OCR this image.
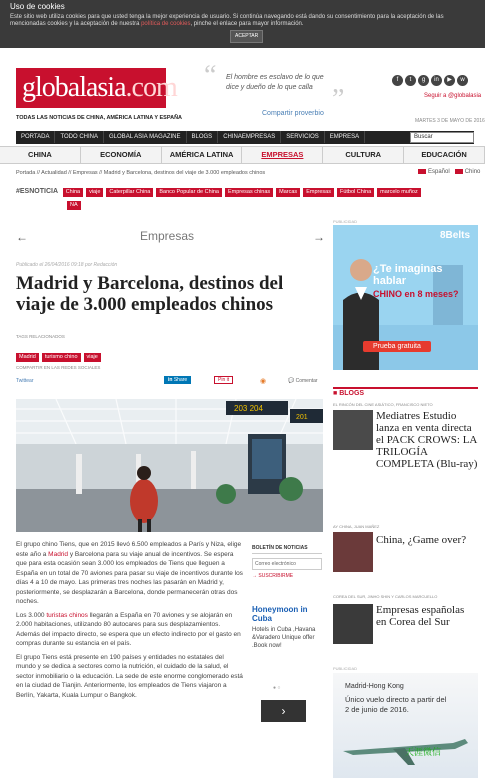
Uso de cookies
Este sitio web utiliza cookies para que usted tenga la mejor experiencia de usuario. Si continúa navegando está dando su consentimiento para la aceptación de las
mencionadas cookies y la aceptación de nuestra política de cookies, pinche el enlace para mayor información.
ACEPTAR
globalasia.com
TODAS LAS NOTICIAS DE CHINA, AMÉRICA LATINA Y ESPAÑA
“ El hombre es esclavo de lo que dice y dueño de lo que calla ”
Compartir proverbio
f t g in ▶ w
Seguir a @globalasia
MARTES 3 DE MAYO DE 2016
PORTADA TODO CHINA GLOBAL ASIA MAGAZINE BLOGS CHINAEMPRESAS SERVICIOS EMPRESA	Buscar
CHINA	ECONOMÍA	AMÉRICA LATINA	EMPRESAS	CULTURA	EDUCACIÓN
Portada // Actualidad // Empresas // Madrid y Barcelona, destinos del viaje de 3.000 empleados chinos	Español	Chino
#ESNOTICIA China viaje Caterpillar China Banco Popular de China Empresas chinas Marcas Empresas Fútbol China marcelo muñoz
NA
←	Empresas	→
Publicado el 26/04/2016 09:18 por Redacción
Madrid y Barcelona, destinos del viaje de 3.000 empleados chinos
TAGS RELACIONADOS
Madrid turismo chino viaje
COMPARTIR EN LAS REDES SOCIALES
Twittear	in Share	Pin it	◉	💬 Comentar
203 204
201

El grupo chino Tiens, que en 2015 llevó 6.500 empleados a París y Niza, elige este año a Madrid y Barcelona para su viaje anual de incentivos. Se espera que para esta ocasión sean 3.000 los empleados de Tiens que lleguen a España en un total de 70 aviones para pasar su viaje de incentivos durante los días 4 a 10 de mayo. Las primeras tres noches las pasarán en Madrid y, posteriormente, se desplazarán a Barcelona, donde permanecerán otras dos noches.

Los 3.000 turistas chinos llegarán a España en 70 aviones y se alojarán en 2.000 habitaciones, utilizando 80 autocares para sus desplazamientos. Además del impacto directo, se espera que un efecto indirecto por el gasto en compras durante su estancia en el país.

El grupo Tiens está presente en 190 países y entidades no estatales del mundo y se dedica a sectores como la nutrición, el cuidado de la salud, el sector inmobiliario o la educación. La sede de este enorme conglomerado está en la ciudad de Tianjin. Anteriormente, los empleados de Tiens viajaron a Berlín, Yakarta, Kuala Lumpur o Bangkok.

BOLETÍN DE NOTICIAS
Correo electrónico
→ SUSCRIBIRME
Honeymoon in Cuba
Hotels in Cuba ,Havana &Varadero Unique offer .Book now!
● ○
›
PUBLICIDAD
8Belts
¿Te imaginas hablar
CHINO en 8 meses?
Prueba gratuita
■ BLOGS
EL RINCÓN DEL CINE ASIÁTICO, FRANCISCO NIETO
Mediatres Estudio lanza en venta directa el PACK CROWS: LA TRILOGÍA COMPLETA (Blu-ray)
AY CHINA, JUAN MAÑEZ
China, ¿Game over?
COREA DEL SUR, JINHO SHIN Y CARLOS MARCUELLO
Empresas españolas en Corea del Sur
PUBLICIDAD
Madrid-Hong Kong
Único vuelo directo a partir del
2 de junio de 2016.
天涯微信
